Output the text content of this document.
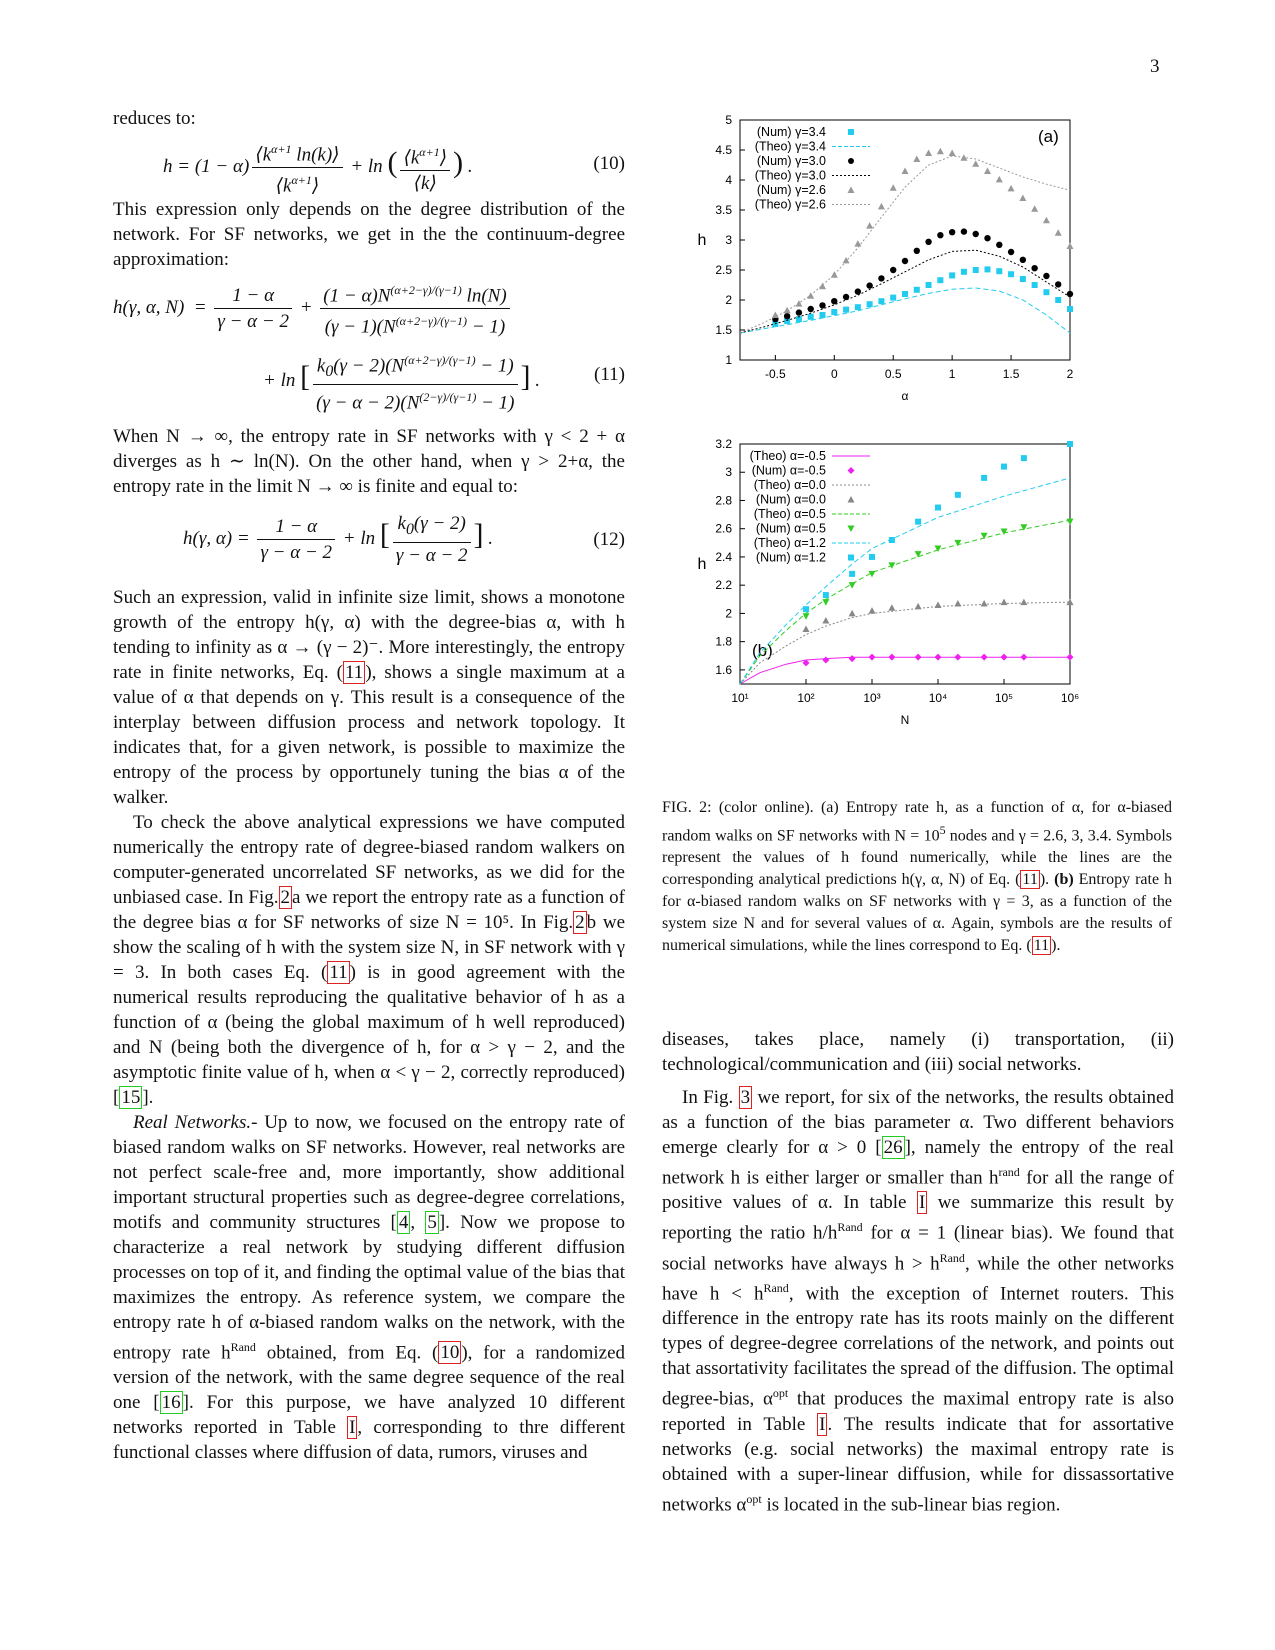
3

reduces to:

$h = (1 - \alpha) \frac{⟨k^{\alpha+1} \ln(k)⟩}{⟨k^{\alpha+1}⟩} + \ln$ ( $\frac{⟨k^{\alpha+1}⟩}{⟨k⟩}$ ) .	(10)

This expression only depends on the degree distribution of the network. For SF networks, we get in the the continuum-degree approximation:

h(γ, α, $N) = \frac{1 - \alpha}{\gamma - \alpha - 2} + \frac{(1 - \alpha)N^{(\alpha+2-\gamma)/(\gamma-1)} \ln(N)}{(\gamma - 1)(N^{(\alpha+2-\gamma)/(\gamma-1)} - 1)}$
+ ln [ $\frac{k_0(\gamma - 2)(N^{(\alpha+2-\gamma)/(\gamma-1)} - 1)}{(\gamma - \alpha - 2)(N^{(2-\gamma)/(\gamma-1)} - 1)}$ ] .	(11)

When N → ∞, the entropy rate in SF networks with γ < 2 + α diverges as h ∼ ln(N). On the other hand, when γ > 2+α, the entropy rate in the limit N → ∞ is finite and equal to:

h(γ, $\alpha) = \frac{1 - \alpha}{\gamma - \alpha - 2} + \ln$ [ $\frac{k_0(\gamma - 2)}{\gamma - \alpha - 2}$ ] .	(12)

Such an expression, valid in infinite size limit, shows a monotone growth of the entropy h(γ, α) with the degree-bias α, with h tending to infinity as α → (γ − 2)⁻. More interestingly, the entropy rate in finite networks, Eq. ( 11 ), shows a single maximum at a value of α that depends on γ. This result is a consequence of the interplay between diffusion process and network topology. It indicates that, for a given network, is possible to maximize the entropy of the process by opportunely tuning the bias α of the walker.

To check the above analytical expressions we have computed numerically the entropy rate of degree-biased random walkers on computer-generated uncorrelated SF networks, as we did for the unbiased case. In Fig. 2 a we report the entropy rate as a function of the degree bias α for SF networks of size N = 10⁵. In Fig. 2 b we show the scaling of h with the system size N, in SF network with γ = 3. In both cases Eq. ( 11 ) is in good agreement with the numerical results reproducing the qualitative behavior of h as a function of α (being the global maximum of h well reproduced) and N (being both the divergence of h, for α > γ − 2, and the asymptotic finite value of h, when α < γ − 2, correctly reproduced) [ 15 ].

Real Networks.- Up to now, we focused on the entropy rate of biased random walks on SF networks. However, real networks are not perfect scale-free and, more importantly, show additional important structural properties such as degree-degree correlations, motifs and community structures [ 4 , 5 ]. Now we propose to characterize a real network by studying different diffusion processes on top of it, and finding the optimal value of the bias that maximizes the entropy. As reference system, we compare the entropy rate h of α-biased random walks on the network, with the entropy rate $h^{Rand}$ obtained, from Eq. ( 10 ), for a randomized version of the network, with the same degree sequence of the real one [ 16 ]. For this purpose, we have analyzed 10 different networks reported in Table I , corresponding to thre different functional classes where diffusion of data, rumors, viruses and

1
1.5
2
2.5
3
3.5
4
4.5
5
-0.5	0	0.5	1	1.5	2
α
h
(a)
(Num) γ=3.4
(Theo) γ=3.4
(Num) γ=3.0
(Theo) γ=3.0
(Num) γ=2.6
(Theo) γ=2.6
1.6
1.8
2
2.2
2.4
2.6
2.8
3
3.2
10¹	10²	10³	10⁴	10⁵	10⁶
N
h
(b)
(Theo) α=-0.5
(Num) α=-0.5
(Theo) α=0.0
(Num) α=0.0
(Theo) α=0.5
(Num) α=0.5
(Theo) α=1.2
(Num) α=1.2
FIG. 2: (color online). (a) Entropy rate h, as a function of α, for α-biased random walks on SF networks with $N = 10^5$ nodes and γ = 2.6, 3, 3.4. Symbols represent the values of h found numerically, while the lines are the corresponding analytical predictions h(γ, α, N) of Eq. ( 11 ). (b) Entropy rate h for α-biased random walks on SF networks with γ = 3, as a function of the system size N and for several values of α. Again, symbols are the results of numerical simulations, while the lines correspond to Eq. ( 11 ).

diseases, takes place, namely (i) transportation, (ii) technological/communication and (iii) social networks.

In Fig. 3 we report, for six of the networks, the results obtained as a function of the bias parameter α. Two different behaviors emerge clearly for α > 0 [ 26 ], namely the entropy of the real network h is either larger or smaller than $h^{rand}$ for all the range of positive values of α. In table I we summarize this result by reporting the ratio $h/h^{Rand}$ for α = 1 (linear bias). We found that social networks have always $h > h^{Rand}$, while the other networks have $h < h^{Rand}$, with the exception of Internet routers. This difference in the entropy rate has its roots mainly on the different types of degree-degree correlations of the network, and points out that assortativity facilitates the spread of the diffusion. The optimal degree-bias, $\alpha^{opt}$ that produces the maximal entropy rate is also reported in Table I . The results indicate that for assortative networks (e.g. social networks) the maximal entropy rate is obtained with a super-linear diffusion, while for dissassortative networks $\alpha^{opt}$ is located in the sub-linear bias region.
